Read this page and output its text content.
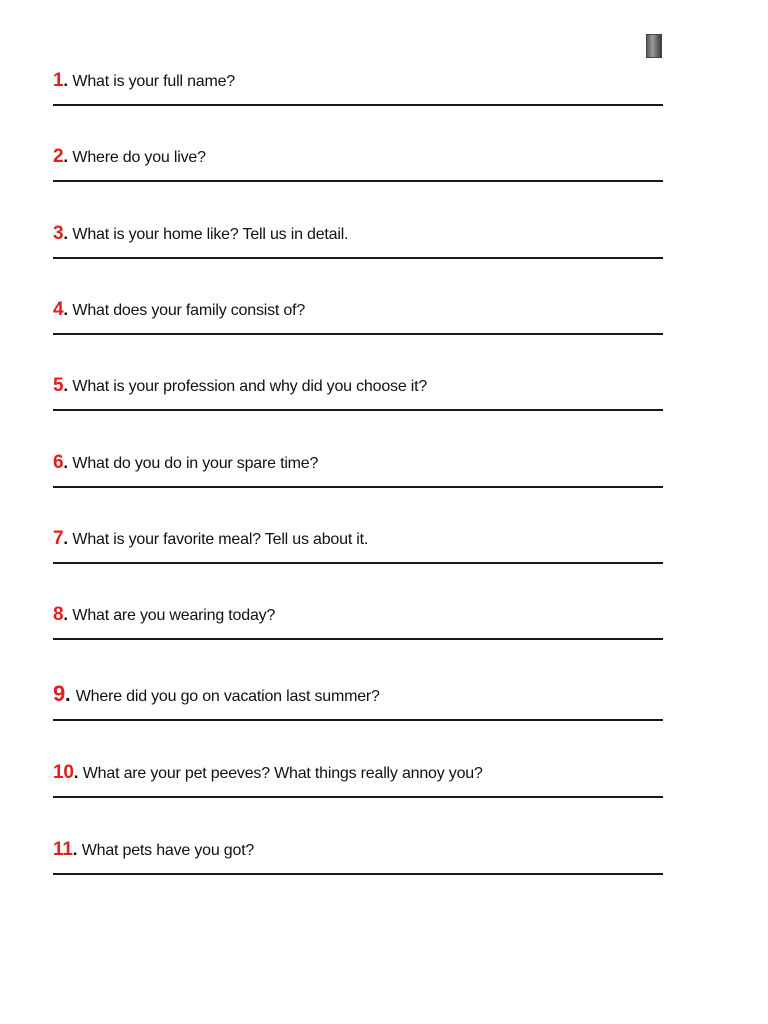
1. What is your full name?
2. Where do you live?
3. What is your home like? Tell us in detail.
4. What does your family consist of?
5. What is your profession and why did you choose it?
6. What do you do in your spare time?
7. What is your favorite meal? Tell us about it.
8. What are you wearing today?
9. Where did you go on vacation last summer?
10. What are your pet peeves? What things really annoy you?
11. What pets have you got?
